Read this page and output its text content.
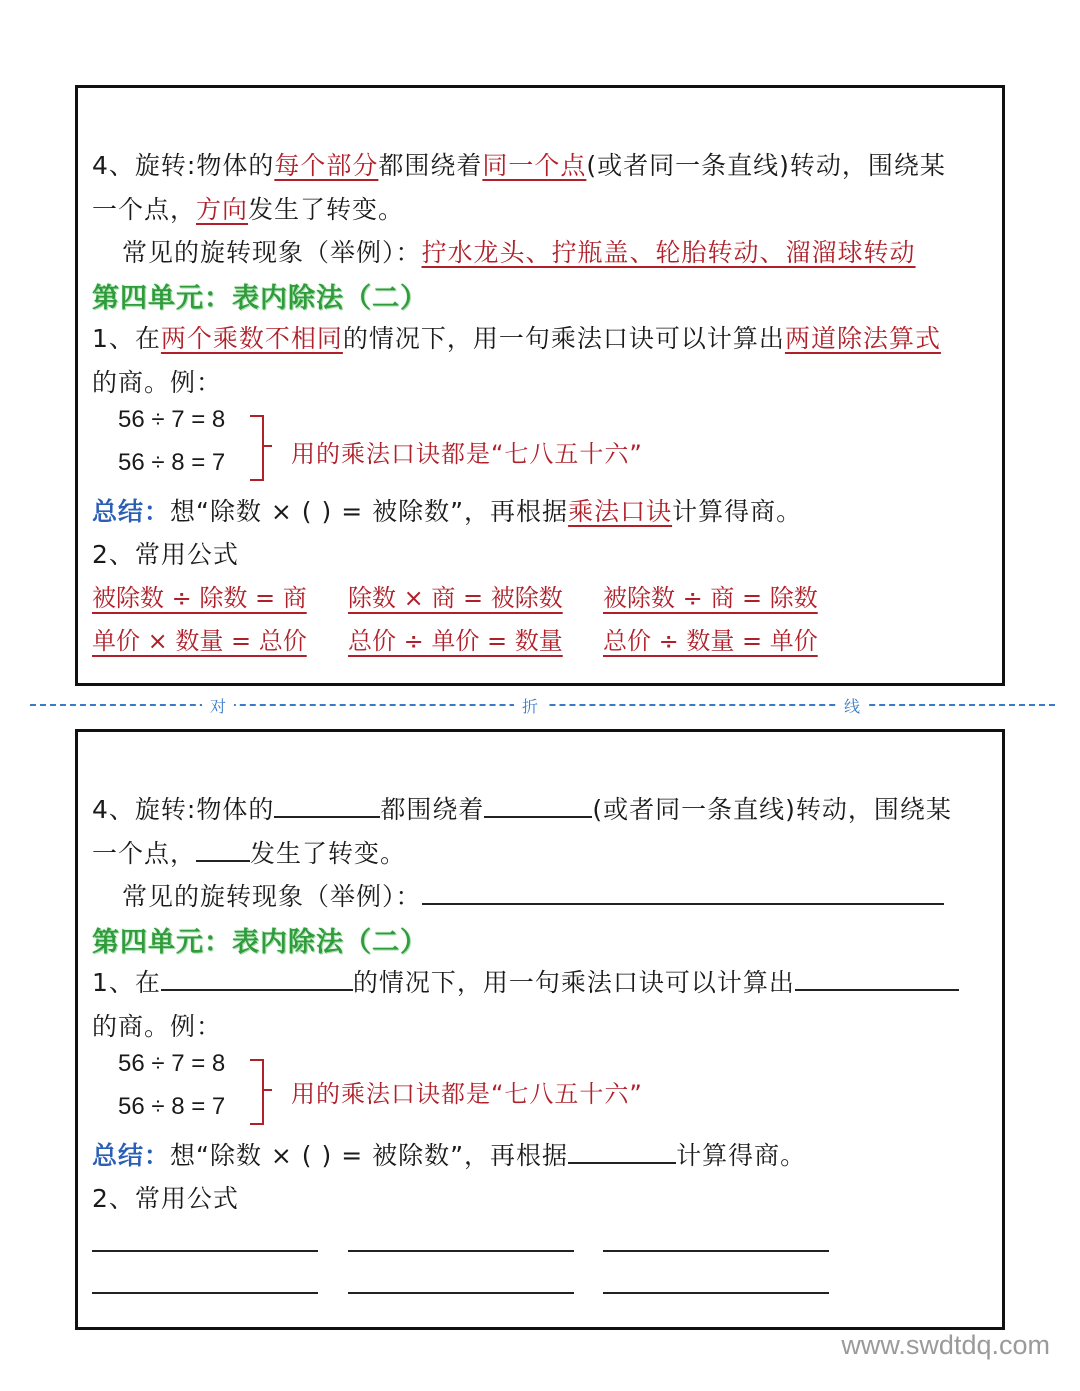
4、旋转:物体的每个部分都围绕着同一个点(或者同一条直线)转动，围绕某
一个点，方向发生了转变。
常见的旋转现象（举例）：拧水龙头、拧瓶盖、轮胎转动、溜溜球转动
第四单元：表内除法（二）
1、在两个乘数不相同的情况下，用一句乘法口诀可以计算出两道除法算式
的商。例：
56 ÷ 7 = 8
56 ÷ 8 = 7	用的乘法口诀都是“七八五十六”
总结：想“除数 × ( ) = 被除数”，再根据乘法口诀计算得商。
2、常用公式
被除数 ÷ 除数 = 商 除数 × 商 = 被除数 被除数 ÷ 商 = 除数
单价 × 数量 = 总价 总价 ÷ 单价 = 数量 总价 ÷ 数量 = 单价
对	折	线
4、旋转:物体的	都围绕着	(或者同一条直线)转动，围绕某
一个点， 发生了转变。
常见的旋转现象（举例）：
第四单元：表内除法（二）
1、在	的情况下，用一句乘法口诀可以计算出
的商。例：
56 ÷ 7 = 8
56 ÷ 8 = 7	用的乘法口诀都是“七八五十六”
总结：想“除数 × ( ) = 被除数”，再根据	计算得商。
2、常用公式
www.swdtdq.com
